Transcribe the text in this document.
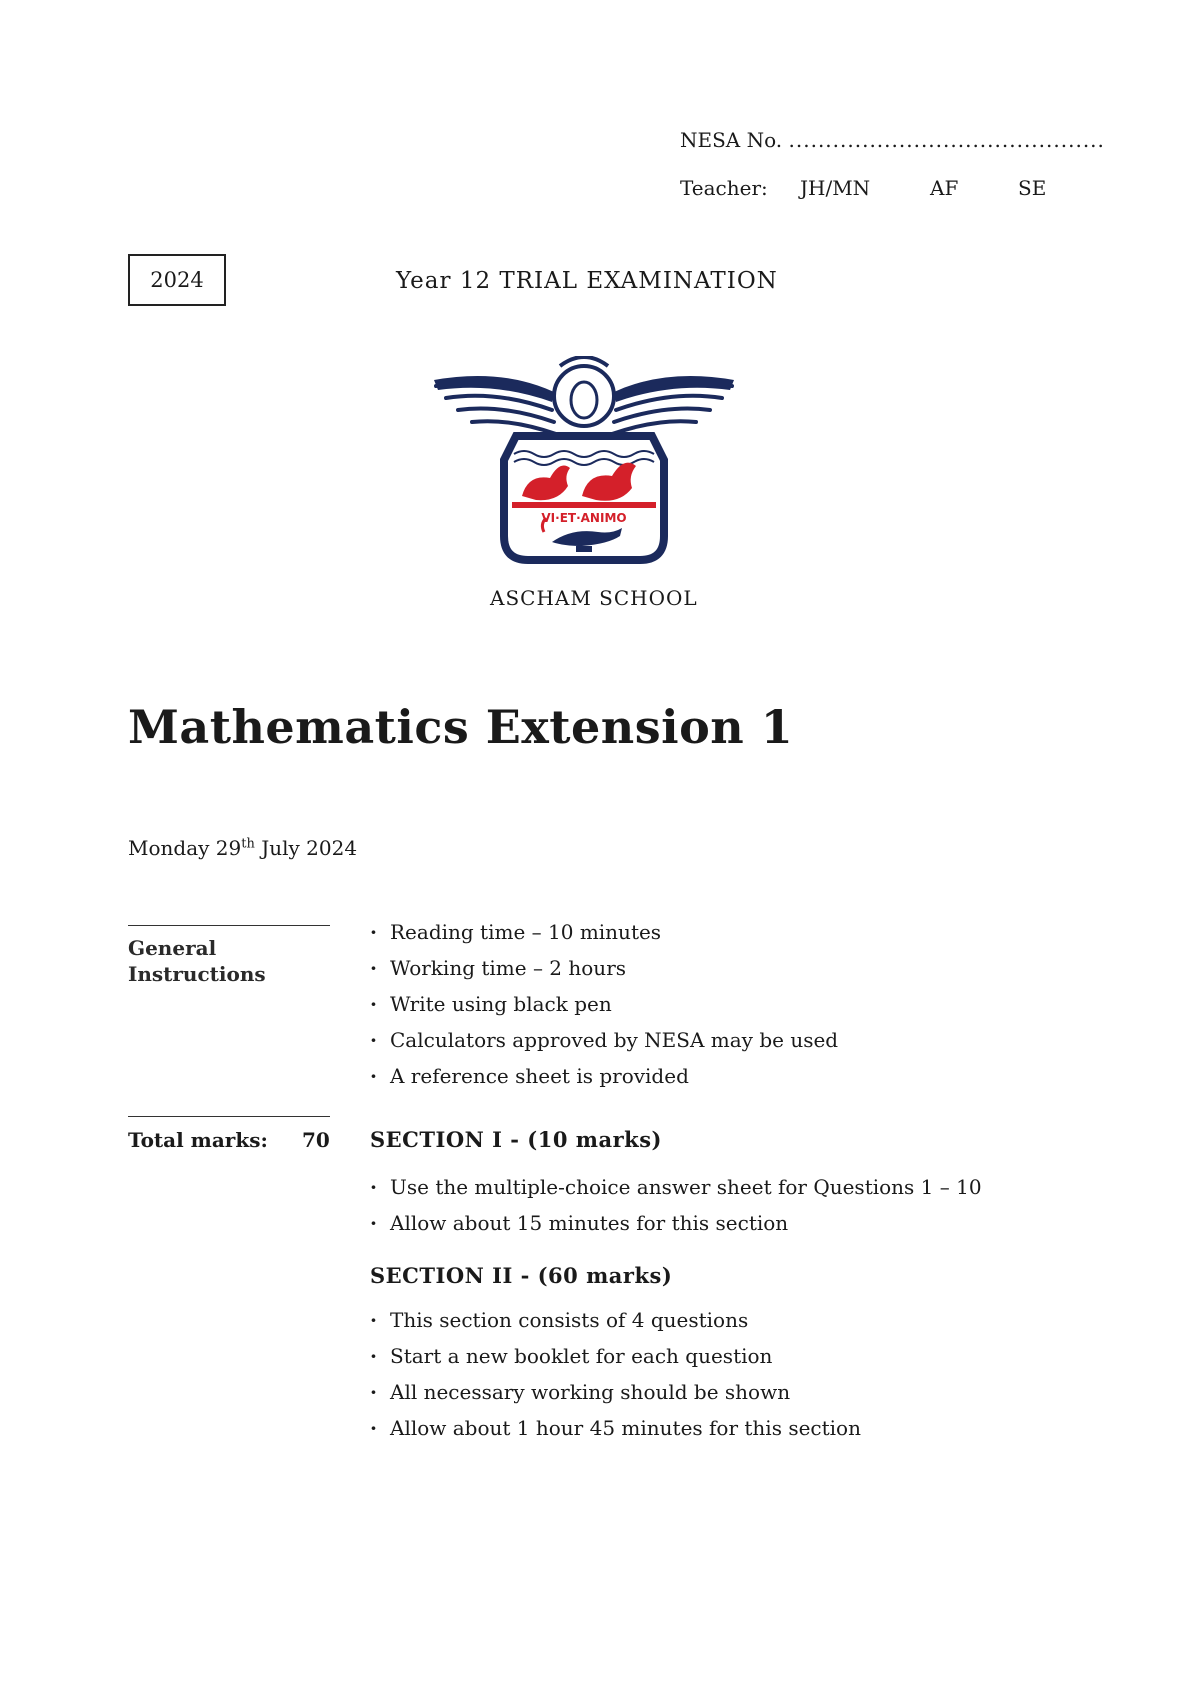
NESA No. ...........................................
Teacher:	JH/MN	AF	SE
2024	Year 12 TRIAL EXAMINATION
VI·ET·ANIMO
ASCHAM SCHOOL
Mathematics Extension 1
Monday 29th July 2024
General
Instructions
· Reading time – 10 minutes
· Working time – 2 hours
· Write using black pen
· Calculators approved by NESA may be used
· A reference sheet is provided
Total marks: 70 SECTION I - (10 marks)
· Use the multiple-choice answer sheet for Questions 1 – 10
· Allow about 15 minutes for this section
SECTION II - (60 marks)
· This section consists of 4 questions
· Start a new booklet for each question
· All necessary working should be shown
· Allow about 1 hour 45 minutes for this section
